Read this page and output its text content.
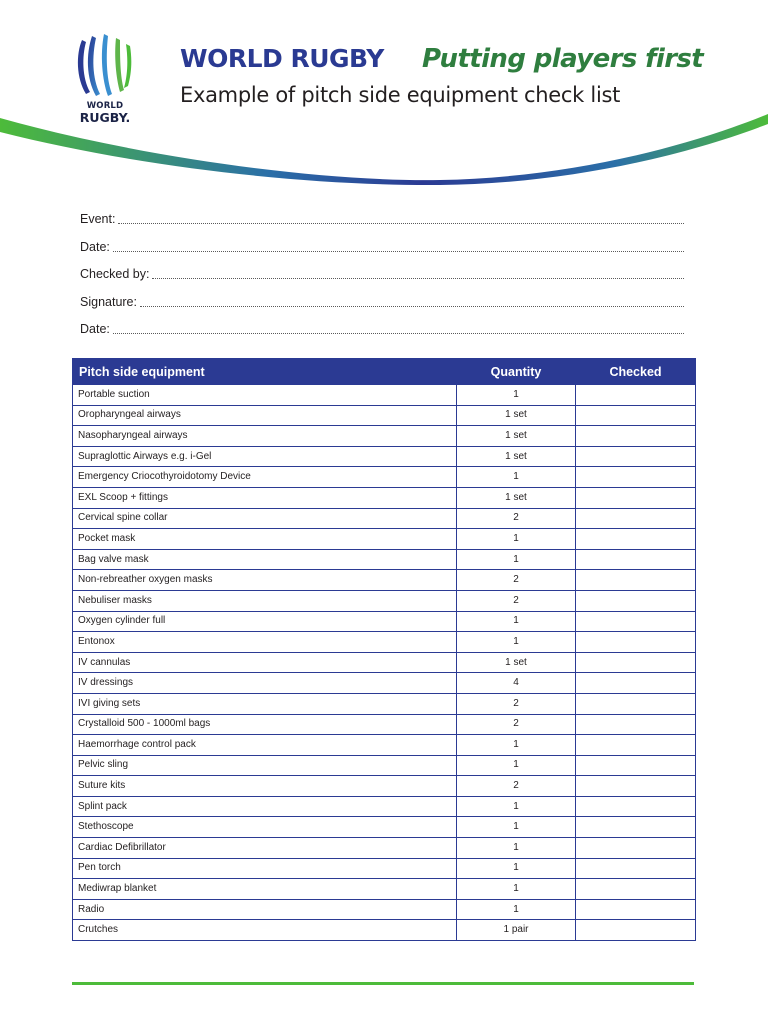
WORLD
RUGBY.
WORLD RUGBY Putting players first
Example of pitch side equipment check list
Event:
Date:
Checked by:
Signature:
Date:
Pitch side equipment	Quantity	Checked
Portable suction	1	
Oropharyngeal airways	1 set	
Nasopharyngeal airways	1 set	
Supraglottic Airways e.g. i-Gel	1 set	
Emergency Criocothyroidotomy Device	1	
EXL Scoop + fittings	1 set	
Cervical spine collar	2	
Pocket mask	1	
Bag valve mask	1	
Non-rebreather oxygen masks	2	
Nebuliser masks	2	
Oxygen cylinder full	1	
Entonox	1	
IV cannulas	1 set	
IV dressings	4	
IVI giving sets	2	
Crystalloid 500 - 1000ml bags	2	
Haemorrhage control pack	1	
Pelvic sling	1	
Suture kits	2	
Splint pack	1	
Stethoscope	1	
Cardiac Defibrillator	1	
Pen torch	1	
Mediwrap blanket	1	
Radio	1	
Crutches	1 pair	
